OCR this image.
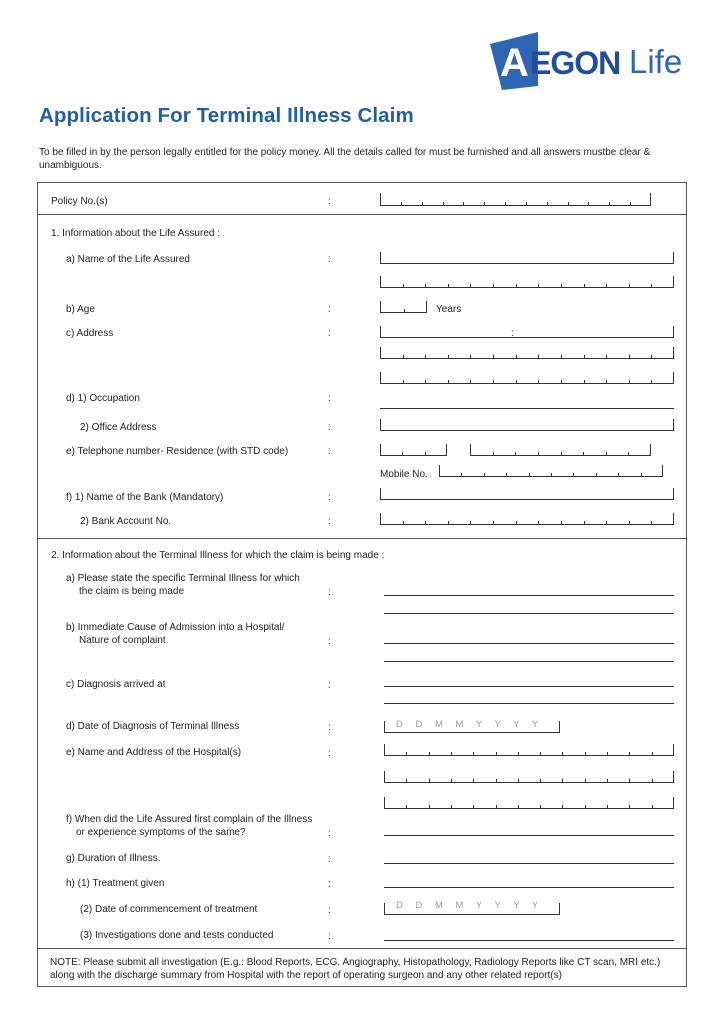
A EGON Life
Application For Terminal Illness Claim
To be filled in by the person legally entitled for the policy money. All the details called for must be furnished and all answers mustbe clear & unambiguous.
Policy No.(s)	:
1. Information about the Life Assured :
a) Name of the Life Assured	:
b) Age	:	Years
c) Address	:	:
d) 1) Occupation	:
2) Office Address	:
e) Telephone number- Residence (with STD code)	:
Mobile No.
f) 1) Name of the Bank (Mandatory)	:
2) Bank Account No.	:
2. Information about the Terminal Illness for which the claim is being made :
a) Please state the specific Terminal Illness for which
the claim is being made	:
b) Immediate Cause of Admission into a Hospital/
Nature of complaint	:
c) Diagnosis arrived at	:
d) Date of Diagnosis of Terminal Illness	:	D D M M Y Y Y Y
e) Name and Address of the Hospital(s)	:
f) When did the Life Assured first complain of the Illness
or experience symptoms of the same?	:
g) Duration of Illness.	:
h) (1) Treatment given	:
(2) Date of commencement of treatment	:	D D M M Y Y Y Y
(3) Investigations done and tests conducted	:
NOTE: Please submit all investigation (E.g.: Blood Reports, ECG, Angiography, Histopathology, Radiology Reports like CT scan, MRI etc.) along with the discharge summary from Hospital with the report of operating surgeon and any other related report(s)
